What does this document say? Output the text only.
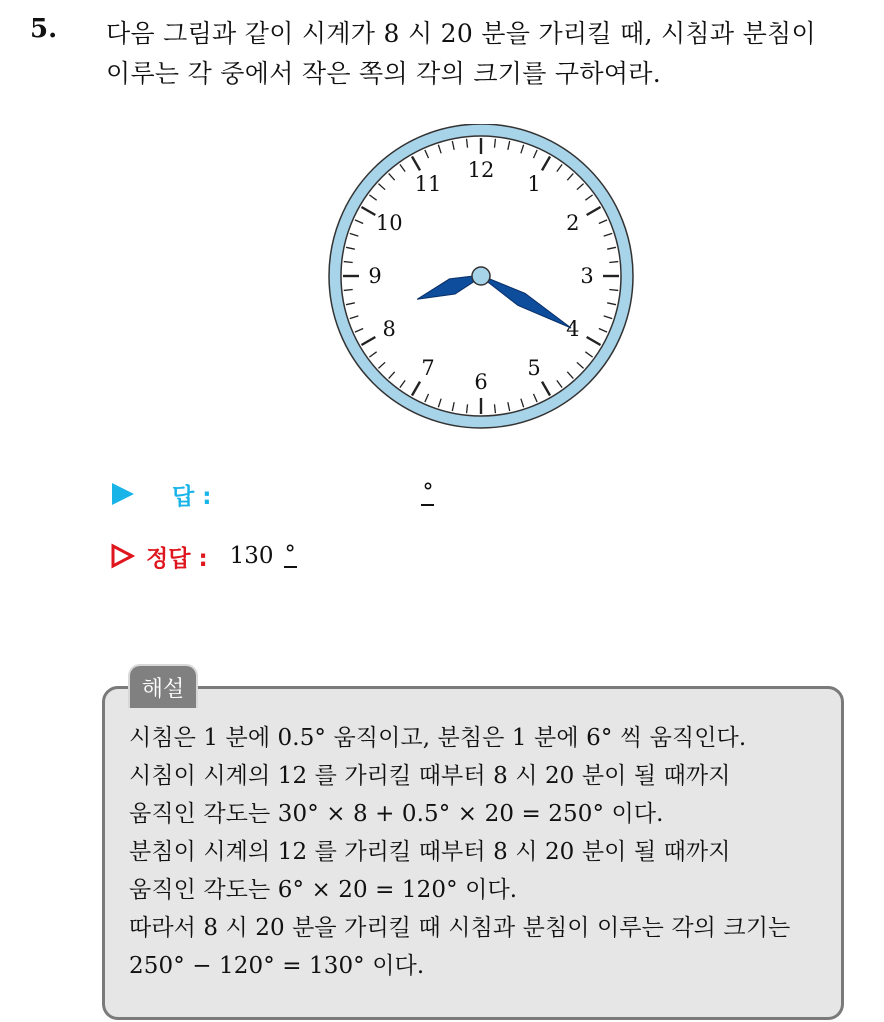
5. 다음 그림과 같이 시계가 8 시 20 분을 가리킬 때, 시침과 분침이
이루는 각 중에서 작은 쪽의 각의 크기를 구하여라.
12
1
2
3
4
5
6
7
8
9
10
11
답 :	°
정답 : 130 °
시침은 1 분에 0.5° 움직이고, 분침은 1 분에 6° 씩 움직인다.
시침이 시계의 12 를 가리킬 때부터 8 시 20 분이 될 때까지
움직인 각도는 30° × 8 + 0.5° × 20 = 250° 이다.
분침이 시계의 12 를 가리킬 때부터 8 시 20 분이 될 때까지
움직인 각도는 6° × 20 = 120° 이다.
따라서 8 시 20 분을 가리킬 때 시침과 분침이 이루는 각의 크기는
250° − 120° = 130° 이다.
해설
